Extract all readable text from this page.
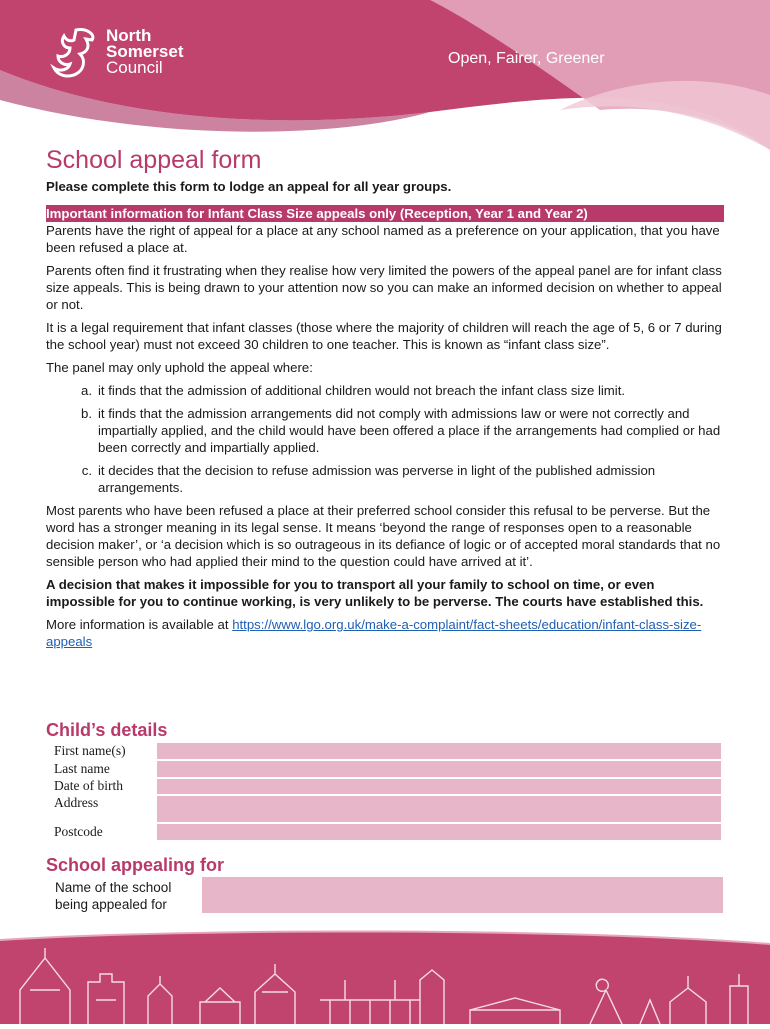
North
Somerset
Council	Open, Fairer, Greener
School appeal form

Please complete this form to lodge an appeal for all year groups.

Important information for Infant Class Size appeals only (Reception, Year 1 and Year 2)

Parents have the right of appeal for a place at any school named as a preference on your application, that you have been refused a place at.

Parents often find it frustrating when they realise how very limited the powers of the appeal panel are for infant class size appeals. This is being drawn to your attention now so you can make an informed decision on whether to appeal or not.

It is a legal requirement that infant classes (those where the majority of children will reach the age of 5, 6 or 7 during the school year) must not exceed 30 children to one teacher. This is known as “infant class size”.

The panel may only uphold the appeal where:

a. it finds that the admission of additional children would not breach the infant class size limit.
b. it finds that the admission arrangements did not comply with admissions law or were not correctly and impartially applied, and the child would have been offered a place if the arrangements had complied or had been correctly and impartially applied.
c. it decides that the decision to refuse admission was perverse in light of the published admission arrangements.

Most parents who have been refused a place at their preferred school consider this refusal to be perverse. But the word has a stronger meaning in its legal sense. It means ‘beyond the range of responses open to a reasonable decision maker’, or ‘a decision which is so outrageous in its defiance of logic or of accepted moral standards that no sensible person who had applied their mind to the question could have arrived at it’.

A decision that makes it impossible for you to transport all your family to school on time, or even impossible for you to continue working, is very unlikely to be perverse. The courts have established this.

More information is available at https://www.lgo.org.uk/make-a-complaint/fact-sheets/education/infant-class-size-appeals

Child’s details
First name(s)
Last name
Date of birth
Address
Postcode
School appealing for
Name of the school being appealed for
